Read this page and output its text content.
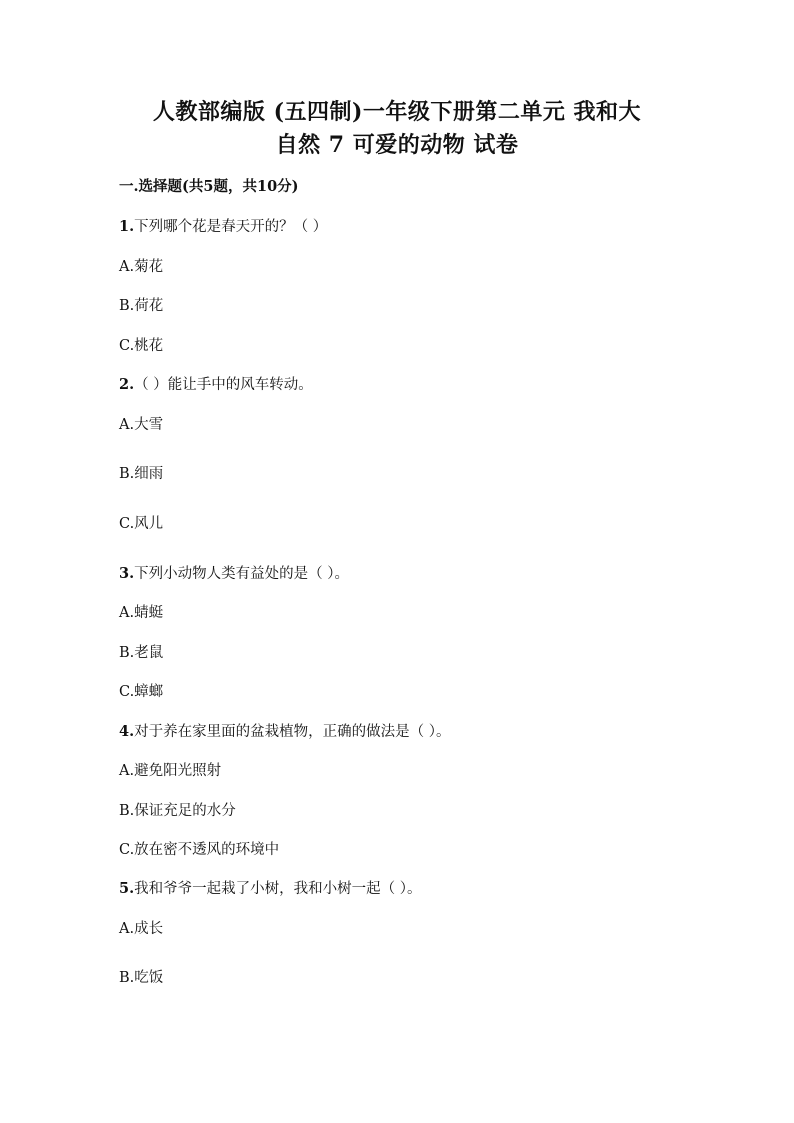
人教部编版 (五四制)一年级下册第二单元 我和大
自然 7 可爱的动物 试卷
一.选择题(共5题，共10分)
1.下列哪个花是春天开的？（ ）
A.菊花
B.荷花
C.桃花
2.（ ）能让手中的风车转动。
A.大雪
B.细雨
C.风儿
3.下列小动物人类有益处的是（ ）。
A.蜻蜓
B.老鼠
C.蟑螂
4.对于养在家里面的盆栽植物，正确的做法是（ ）。
A.避免阳光照射
B.保证充足的水分
C.放在密不透风的环境中
5.我和爷爷一起栽了小树，我和小树一起（ ）。
A.成长
B.吃饭
